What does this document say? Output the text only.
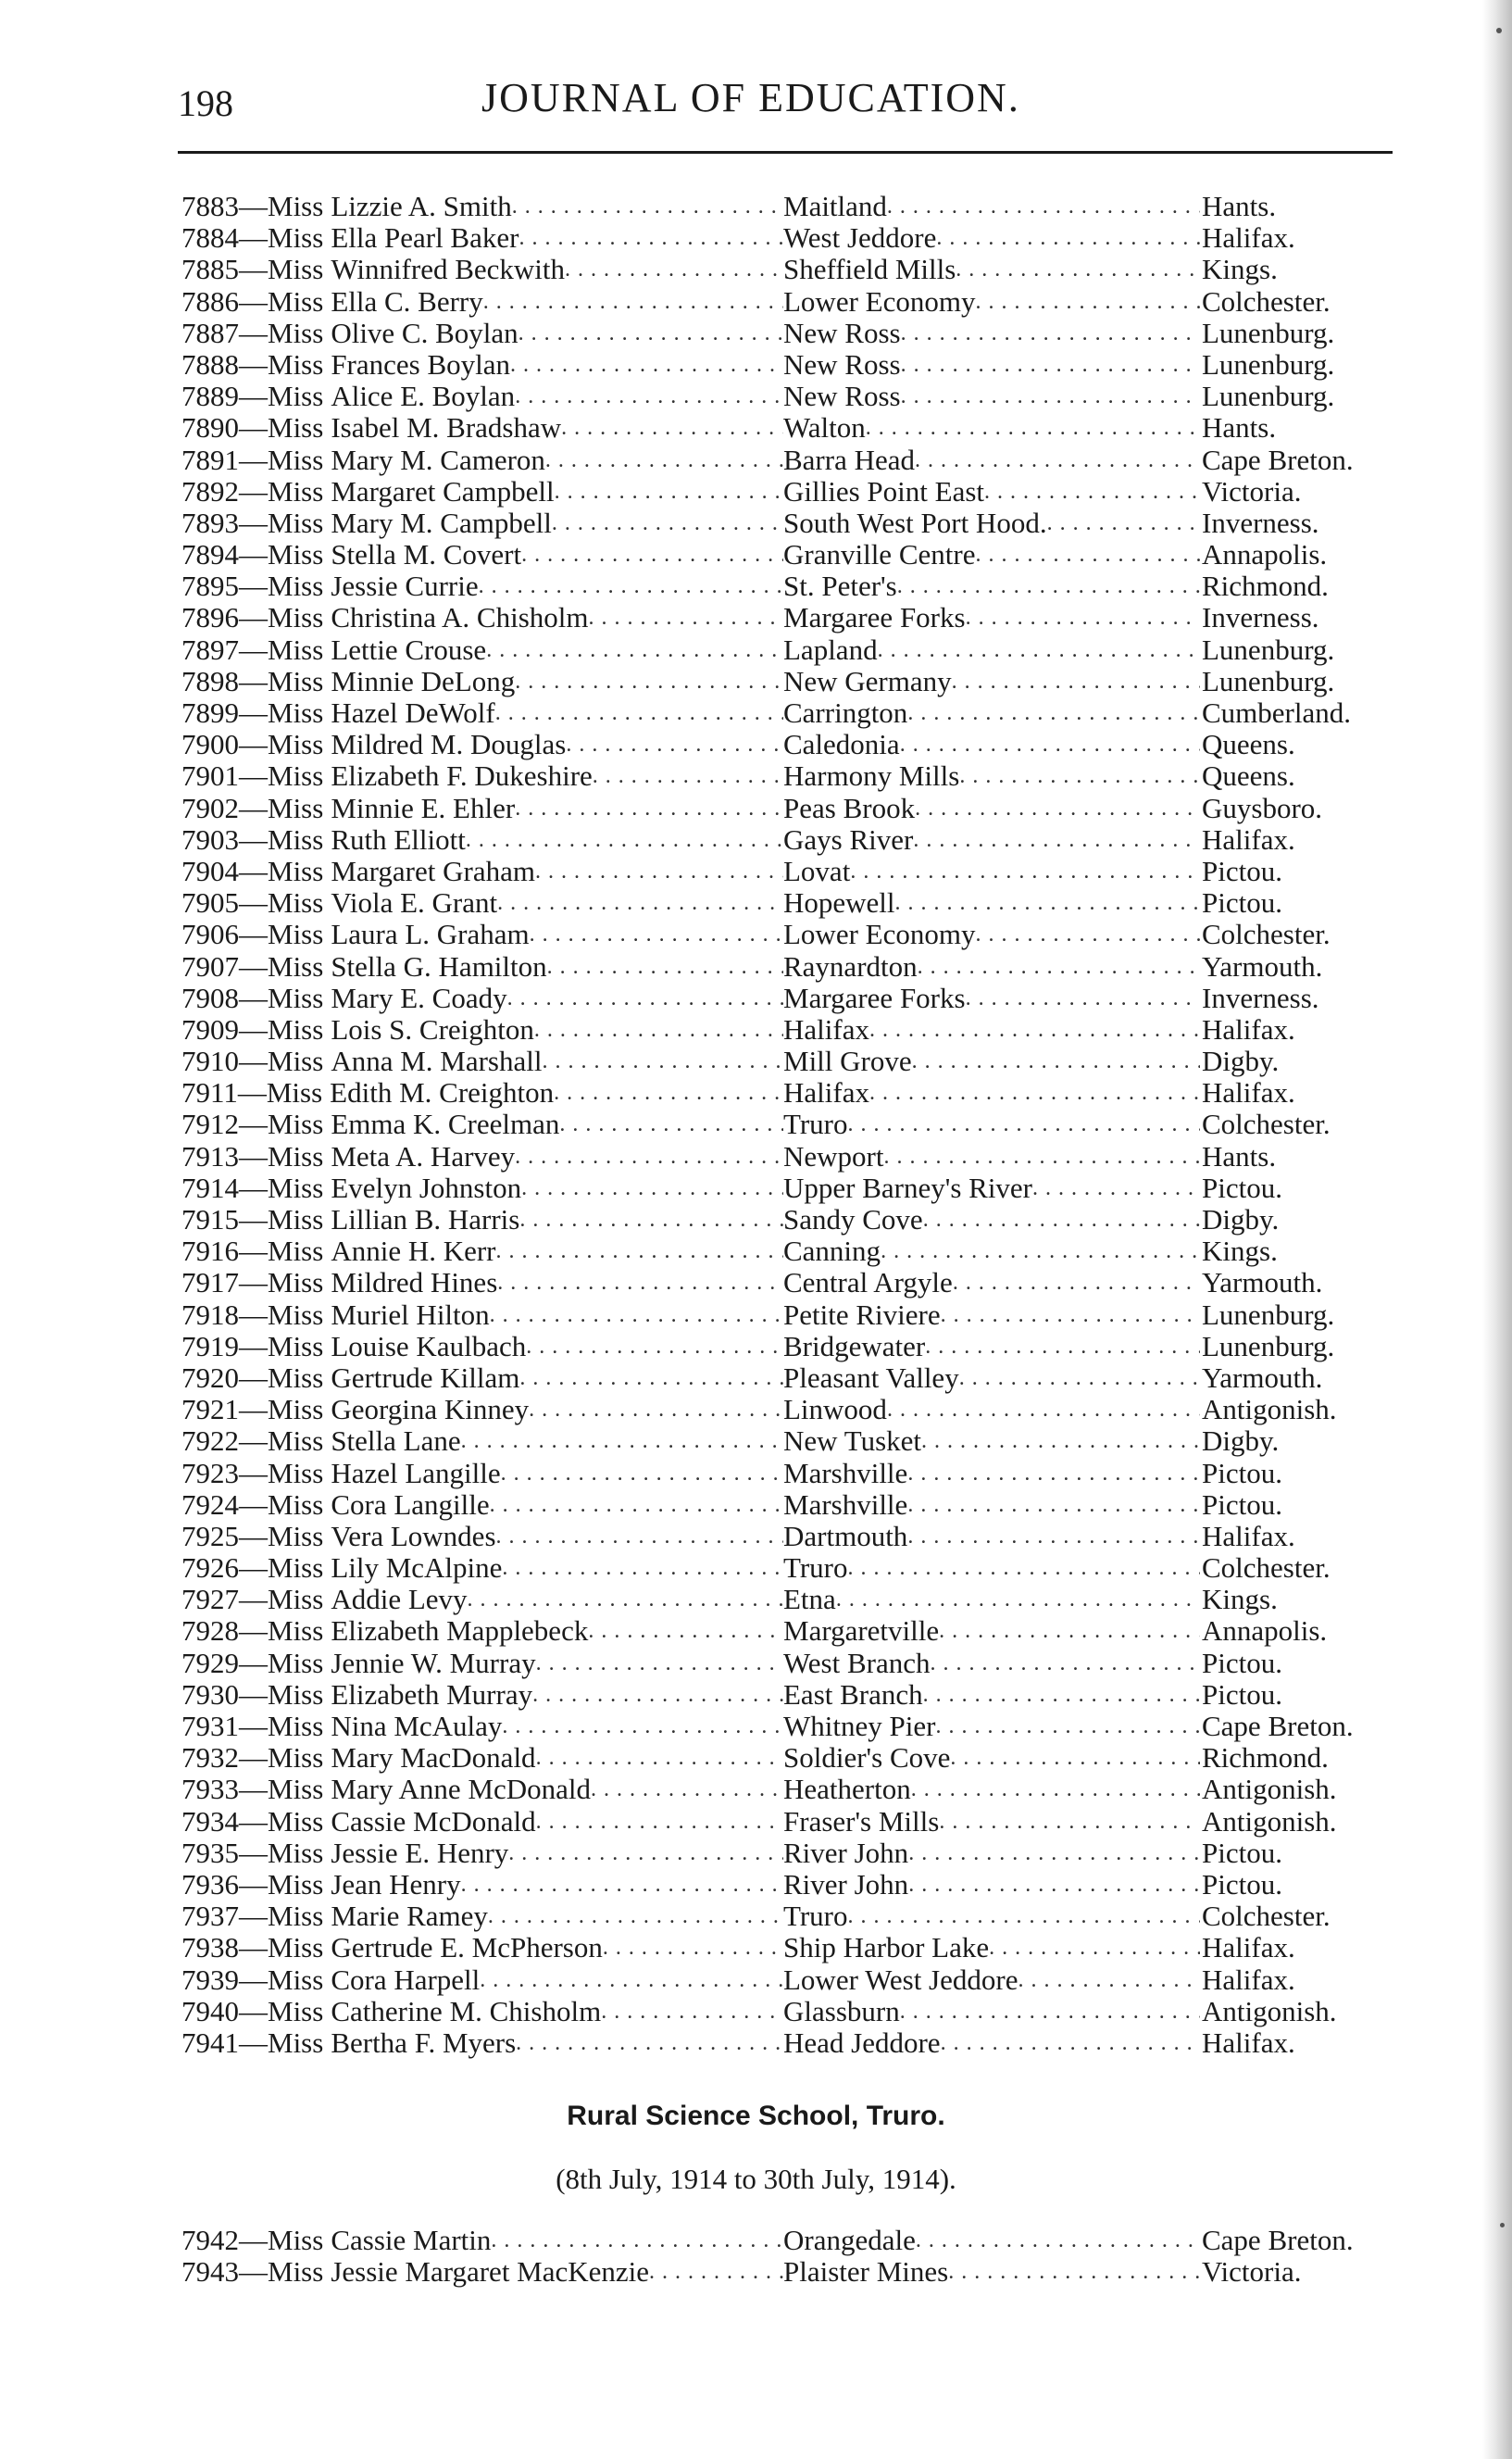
198	JOURNAL OF EDUCATION.
7883 — Miss Lizzie A. Smith . . .	Maitland . . .	Hants.
7884 — Miss Ella Pearl Baker . . .	West Jeddore . . .	Halifax.
7885 — Miss Winnifred Beckwith . . .	Sheffield Mills . . .	Kings.
7886 — Miss Ella C. Berry . . .	Lower Economy . . .	Colchester.
7887 — Miss Olive C. Boylan . . .	New Ross . . .	Lunenburg.
7888 — Miss Frances Boylan . . .	New Ross . . .	Lunenburg.
7889 — Miss Alice E. Boylan . . .	New Ross . . .	Lunenburg.
7890 — Miss Isabel M. Bradshaw . . .	Walton . . .	Hants.
7891 — Miss Mary M. Cameron . . .	Barra Head . . .	Cape Breton.
7892 — Miss Margaret Campbell . . .	Gillies Point East . . .	Victoria.
7893 — Miss Mary M. Campbell . . .	South West Port Hood. . . .	Inverness.
7894 — Miss Stella M. Covert . . .	Granville Centre . . .	Annapolis.
7895 — Miss Jessie Currie . . .	St. Peter's . . .	Richmond.
7896 — Miss Christina A. Chisholm . . .	Margaree Forks . . .	Inverness.
7897 — Miss Lettie Crouse . . .	Lapland . . .	Lunenburg.
7898 — Miss Minnie DeLong . . .	New Germany . . .	Lunenburg.
7899 — Miss Hazel DeWolf . . .	Carrington . . .	Cumberland.
7900 — Miss Mildred M. Douglas . . .	Caledonia . . .	Queens.
7901 — Miss Elizabeth F. Dukeshire . . .	Harmony Mills . . .	Queens.
7902 — Miss Minnie E. Ehler . . .	Peas Brook . . .	Guysboro.
7903 — Miss Ruth Elliott . . .	Gays River . . .	Halifax.
7904 — Miss Margaret Graham . . .	Lovat . . .	Pictou.
7905 — Miss Viola E. Grant . . .	Hopewell . . .	Pictou.
7906 — Miss Laura L. Graham . . .	Lower Economy . . .	Colchester.
7907 — Miss Stella G. Hamilton . . .	Raynardton . . .	Yarmouth.
7908 — Miss Mary E. Coady . . .	Margaree Forks . . .	Inverness.
7909 — Miss Lois S. Creighton . . .	Halifax . . .	Halifax.
7910 — Miss Anna M. Marshall . . .	Mill Grove . . .	Digby.
7911 — Miss Edith M. Creighton . . .	Halifax . . .	Halifax.
7912 — Miss Emma K. Creelman . . .	Truro . . .	Colchester.
7913 — Miss Meta A. Harvey . . .	Newport . . .	Hants.
7914 — Miss Evelyn Johnston . . .	Upper Barney's River . . .	Pictou.
7915 — Miss Lillian B. Harris . . .	Sandy Cove . . .	Digby.
7916 — Miss Annie H. Kerr . . .	Canning . . .	Kings.
7917 — Miss Mildred Hines . . .	Central Argyle . . .	Yarmouth.
7918 — Miss Muriel Hilton . . .	Petite Riviere . . .	Lunenburg.
7919 — Miss Louise Kaulbach . . .	Bridgewater . . .	Lunenburg.
7920 — Miss Gertrude Killam . . .	Pleasant Valley . . .	Yarmouth.
7921 — Miss Georgina Kinney . . .	Linwood . . .	Antigonish.
7922 — Miss Stella Lane . . .	New Tusket . . .	Digby.
7923 — Miss Hazel Langille . . .	Marshville . . .	Pictou.
7924 — Miss Cora Langille . . .	Marshville . . .	Pictou.
7925 — Miss Vera Lowndes . . .	Dartmouth . . .	Halifax.
7926 — Miss Lily McAlpine . . .	Truro . . .	Colchester.
7927 — Miss Addie Levy . . .	Etna . . .	Kings.
7928 — Miss Elizabeth Mapplebeck . . .	Margaretville . . .	Annapolis.
7929 — Miss Jennie W. Murray . . .	West Branch . . .	Pictou.
7930 — Miss Elizabeth Murray . . .	East Branch . . .	Pictou.
7931 — Miss Nina McAulay . . .	Whitney Pier . . .	Cape Breton.
7932 — Miss Mary MacDonald . . .	Soldier's Cove . . .	Richmond.
7933 — Miss Mary Anne McDonald . . .	Heatherton . . .	Antigonish.
7934 — Miss Cassie McDonald . . .	Fraser's Mills . . .	Antigonish.
7935 — Miss Jessie E. Henry . . .	River John . . .	Pictou.
7936 — Miss Jean Henry . . .	River John . . .	Pictou.
7937 — Miss Marie Ramey . . .	Truro . . .	Colchester.
7938 — Miss Gertrude E. McPherson . . .	Ship Harbor Lake . . .	Halifax.
7939 — Miss Cora Harpell . . .	Lower West Jeddore . . .	Halifax.
7940 — Miss Catherine M. Chisholm . . .	Glassburn . . .	Antigonish.
7941 — Miss Bertha F. Myers . . .	Head Jeddore . . .	Halifax.
Rural Science School, Truro.
(8th July, 1914 to 30th July, 1914).
7942 — Miss Cassie Martin . . .	Orangedale . . .	Cape Breton.
7943 — Miss Jessie Margaret MacKenzie . . .	Plaister Mines . . .	Victoria.
